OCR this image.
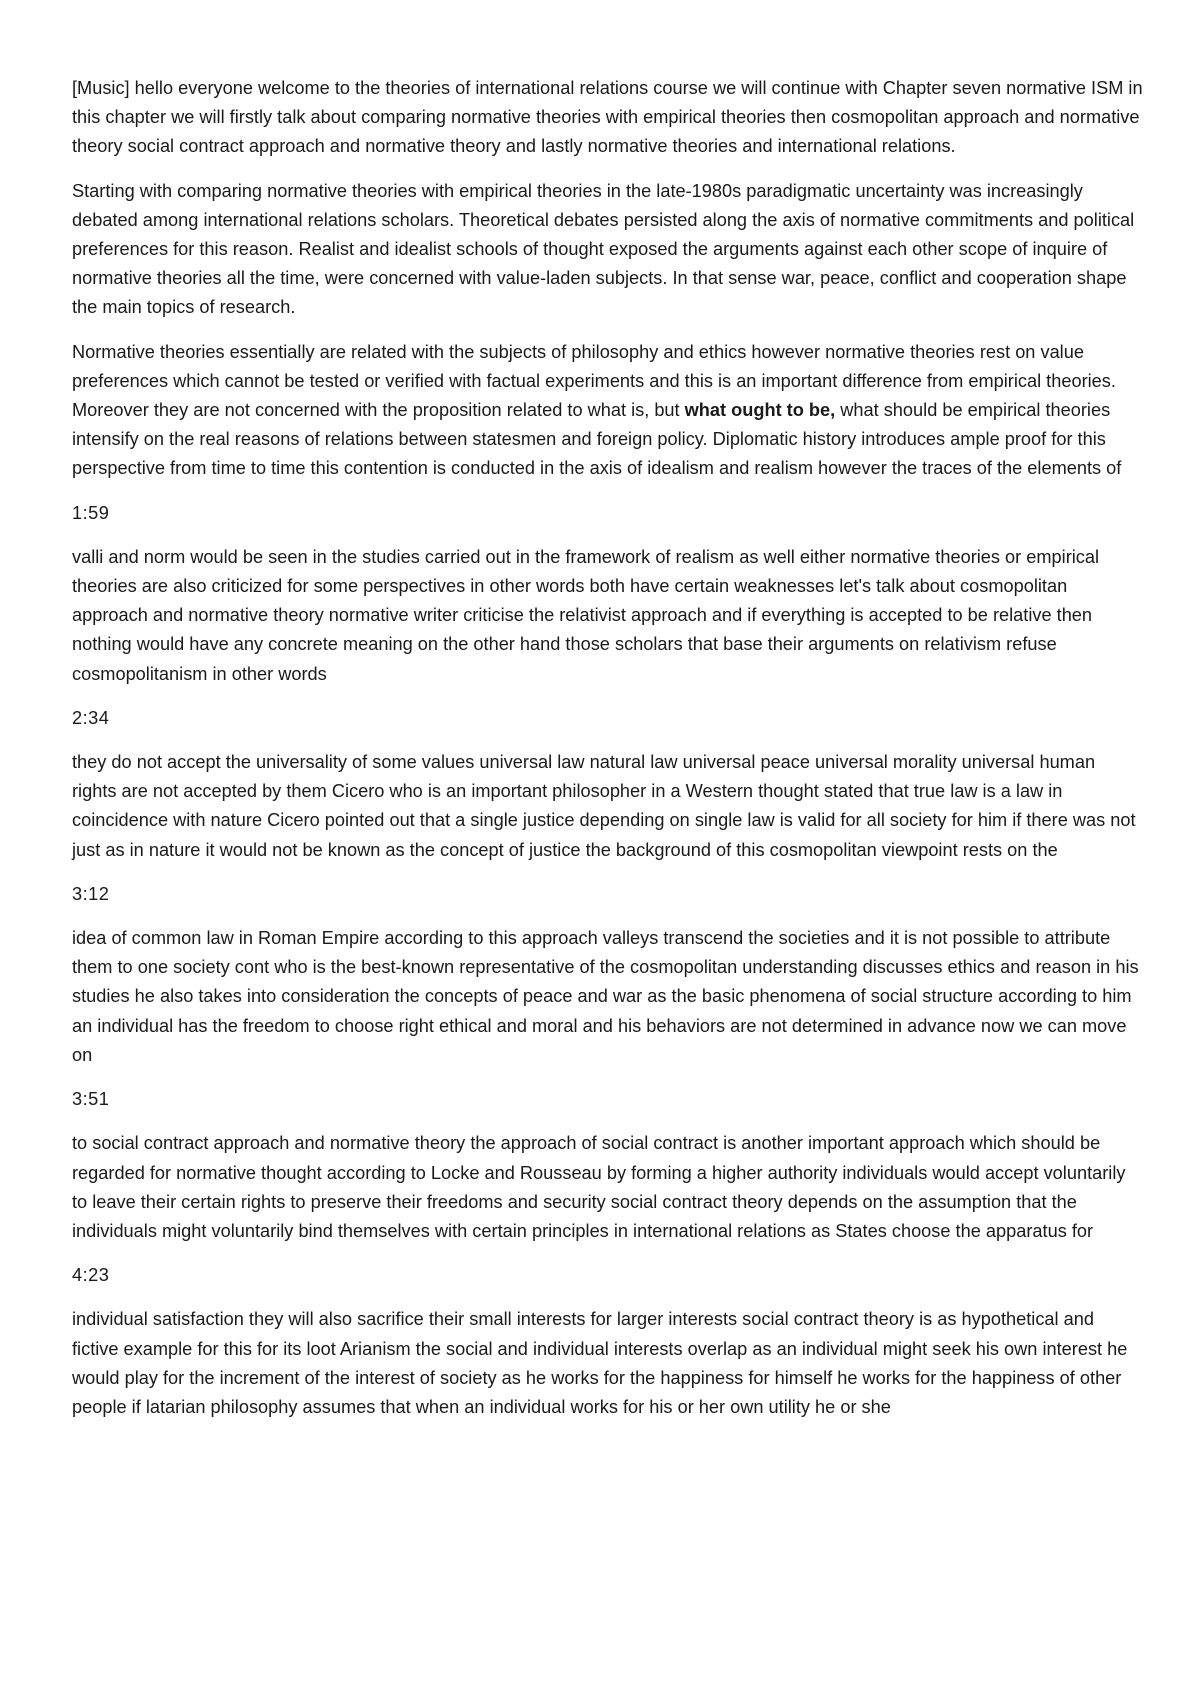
[Music] hello everyone welcome to the theories of international relations course we will continue with Chapter seven normative ISM in this chapter we will firstly talk about comparing normative theories with empirical theories then cosmopolitan approach and normative theory social contract approach and normative theory and lastly normative theories and international relations.

Starting with comparing normative theories with empirical theories in the late-1980s paradigmatic uncertainty was increasingly debated among international relations scholars. Theoretical debates persisted along the axis of normative commitments and political preferences for this reason. Realist and idealist schools of thought exposed the arguments against each other scope of inquire of normative theories all the time, were concerned with value-laden subjects. In that sense war, peace, conflict and cooperation shape the main topics of research.

Normative theories essentially are related with the subjects of philosophy and ethics however normative theories rest on value preferences which cannot be tested or verified with factual experiments and this is an important difference from empirical theories. Moreover they are not concerned with the proposition related to what is, but what ought to be, what should be empirical theories intensify on the real reasons of relations between statesmen and foreign policy. Diplomatic history introduces ample proof for this perspective from time to time this contention is conducted in the axis of idealism and realism however the traces of the elements of

1:59

valli and norm would be seen in the studies carried out in the framework of realism as well either normative theories or empirical theories are also criticized for some perspectives in other words both have certain weaknesses let's talk about cosmopolitan approach and normative theory normative writer criticise the relativist approach and if everything is accepted to be relative then nothing would have any concrete meaning on the other hand those scholars that base their arguments on relativism refuse cosmopolitanism in other words

2:34

they do not accept the universality of some values universal law natural law universal peace universal morality universal human rights are not accepted by them Cicero who is an important philosopher in a Western thought stated that true law is a law in coincidence with nature Cicero pointed out that a single justice depending on single law is valid for all society for him if there was not just as in nature it would not be known as the concept of justice the background of this cosmopolitan viewpoint rests on the

3:12

idea of common law in Roman Empire according to this approach valleys transcend the societies and it is not possible to attribute them to one society cont who is the best-known representative of the cosmopolitan understanding discusses ethics and reason in his studies he also takes into consideration the concepts of peace and war as the basic phenomena of social structure according to him an individual has the freedom to choose right ethical and moral and his behaviors are not determined in advance now we can move on

3:51

to social contract approach and normative theory the approach of social contract is another important approach which should be regarded for normative thought according to Locke and Rousseau by forming a higher authority individuals would accept voluntarily to leave their certain rights to preserve their freedoms and security social contract theory depends on the assumption that the individuals might voluntarily bind themselves with certain principles in international relations as States choose the apparatus for

4:23

individual satisfaction they will also sacrifice their small interests for larger interests social contract theory is as hypothetical and fictive example for this for its loot Arianism the social and individual interests overlap as an individual might seek his own interest he would play for the increment of the interest of society as he works for the happiness for himself he works for the happiness of other people if latarian philosophy assumes that when an individual works for his or her own utility he or she
